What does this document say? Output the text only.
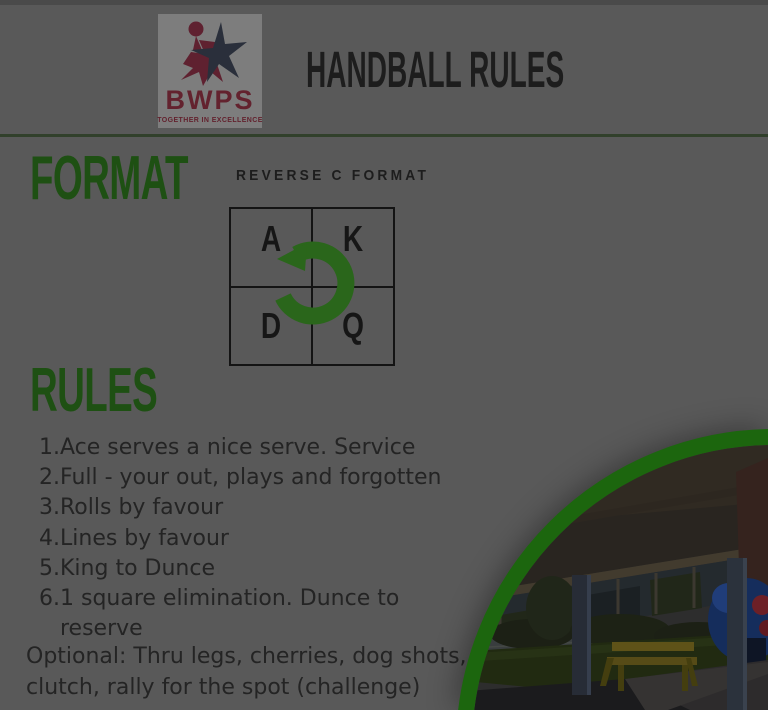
BWPS
TOGETHER IN EXCELLENCE
HANDBALL RULES
FORMAT	REVERSE C FORMAT
A K
D Q
RULES
1. Ace serves a nice serve. Service
2. Full - your out, plays and forgotten
3. Rolls by favour
4. Lines by favour
5. King to Dunce
6. 1 square elimination. Dunce to reserve

Optional: Thru legs, cherries, dog shots, clutch, rally for the spot (challenge)
